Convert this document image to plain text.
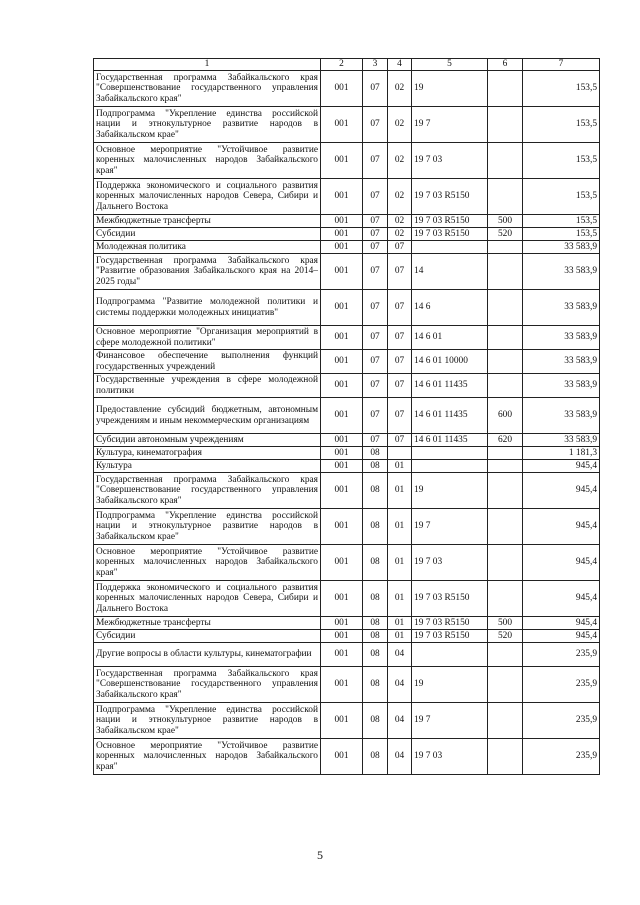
1	2	3	4	5	6	7
Государственная программа Забайкальского края "Совершенствование государственного управления Забайкальского края"	001	07	02	19		153,5
Подпрограмма "Укрепление единства российской нации и этнокультурное развитие народов в Забайкальском крае"	001	07	02	19 7		153,5
Основное мероприятие "Устойчивое развитие коренных малочисленных народов Забайкальского края"	001	07	02	19 7 03		153,5
Поддержка экономического и социального развития коренных малочисленных народов Севера, Сибири и Дальнего Востока	001	07	02	19 7 03 R5150		153,5
Межбюджетные трансферты	001	07	02	19 7 03 R5150	500	153,5
Субсидии	001	07	02	19 7 03 R5150	520	153,5
Молодежная политика	001	07	07			33 583,9
Государственная программа Забайкальского края "Развитие образования Забайкальского края на 2014–2025 годы"	001	07	07	14		33 583,9
Подпрограмма "Развитие молодежной политики и системы поддержки молодежных инициатив"	001	07	07	14 6		33 583,9
Основное мероприятие "Организация мероприятий в сфере молодежной политики"	001	07	07	14 6 01		33 583,9
Финансовое обеспечение выполнения функций государственных учреждений	001	07	07	14 6 01 10000		33 583,9
Государственные учреждения в сфере молодежной политики	001	07	07	14 6 01 11435		33 583,9
Предоставление субсидий бюджетным, автономным учреждениям и иным некоммерческим организациям	001	07	07	14 6 01 11435	600	33 583,9
Субсидии автономным учреждениям	001	07	07	14 6 01 11435	620	33 583,9
Культура, кинематография	001	08				1 181,3
Культура	001	08	01			945,4
Государственная программа Забайкальского края "Совершенствование государственного управления Забайкальского края"	001	08	01	19		945,4
Подпрограмма "Укрепление единства российской нации и этнокультурное развитие народов в Забайкальском крае"	001	08	01	19 7		945,4
Основное мероприятие "Устойчивое развитие коренных малочисленных народов Забайкальского края"	001	08	01	19 7 03		945,4
Поддержка экономического и социального развития коренных малочисленных народов Севера, Сибири и Дальнего Востока	001	08	01	19 7 03 R5150		945,4
Межбюджетные трансферты	001	08	01	19 7 03 R5150	500	945,4
Субсидии	001	08	01	19 7 03 R5150	520	945,4
Другие вопросы в области культуры, кинематографии	001	08	04			235,9
Государственная программа Забайкальского края "Совершенствование государственного управления Забайкальского края"	001	08	04	19		235,9
Подпрограмма "Укрепление единства российской нации и этнокультурное развитие народов в Забайкальском крае"	001	08	04	19 7		235,9
Основное мероприятие "Устойчивое развитие коренных малочисленных народов Забайкальского края"	001	08	04	19 7 03		235,9
5
